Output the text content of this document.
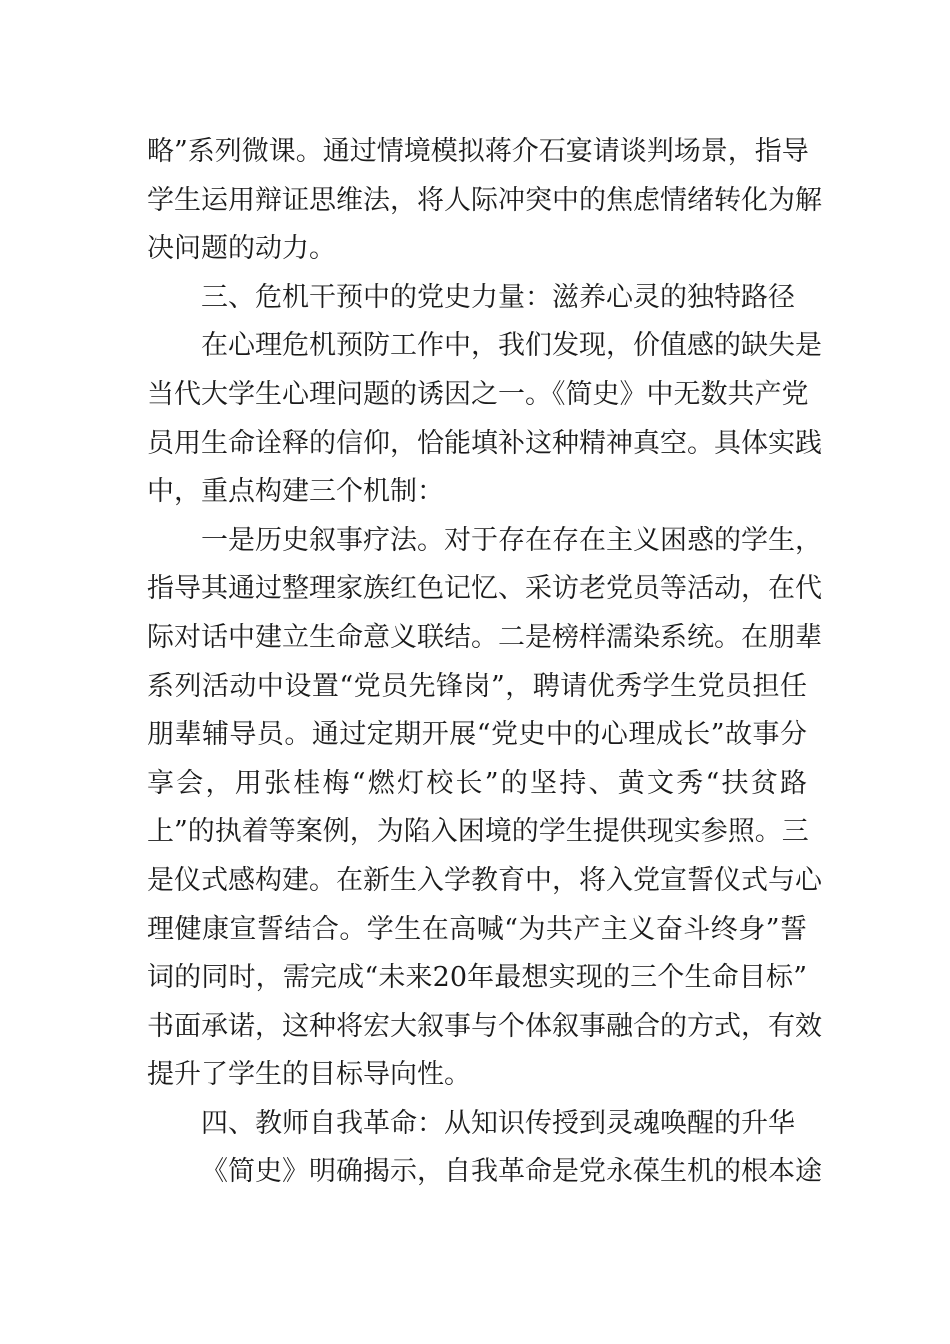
略”系列微课。通过情境模拟蒋介石宴请谈判场景，指导
学生运用辩证思维法，将人际冲突中的焦虑情绪转化为解
决问题的动力。
三、危机干预中的党史力量：滋养心灵的独特路径
在心理危机预防工作中，我们发现，价值感的缺失是
当代大学生心理问题的诱因之一。《简史》中无数共产党
员用生命诠释的信仰，恰能填补这种精神真空。具体实践
中，重点构建三个机制：
一是历史叙事疗法。对于存在存在主义困惑的学生，
指导其通过整理家族红色记忆、采访老党员等活动，在代
际对话中建立生命意义联结。二是榜样濡染系统。在朋辈
系列活动中设置“党员先锋岗”，聘请优秀学生党员担任
朋辈辅导员。通过定期开展“党史中的心理成长”故事分
享会，用张桂梅“燃灯校长”的坚持、黄文秀“扶贫路
上”的执着等案例，为陷入困境的学生提供现实参照。三
是仪式感构建。在新生入学教育中，将入党宣誓仪式与心
理健康宣誓结合。学生在高喊“为共产主义奋斗终身”誓
词的同时，需完成“未来20年最想实现的三个生命目标”
书面承诺，这种将宏大叙事与个体叙事融合的方式，有效
提升了学生的目标导向性。
四、教师自我革命：从知识传授到灵魂唤醒的升华
《简史》明确揭示，自我革命是党永葆生机的根本途
